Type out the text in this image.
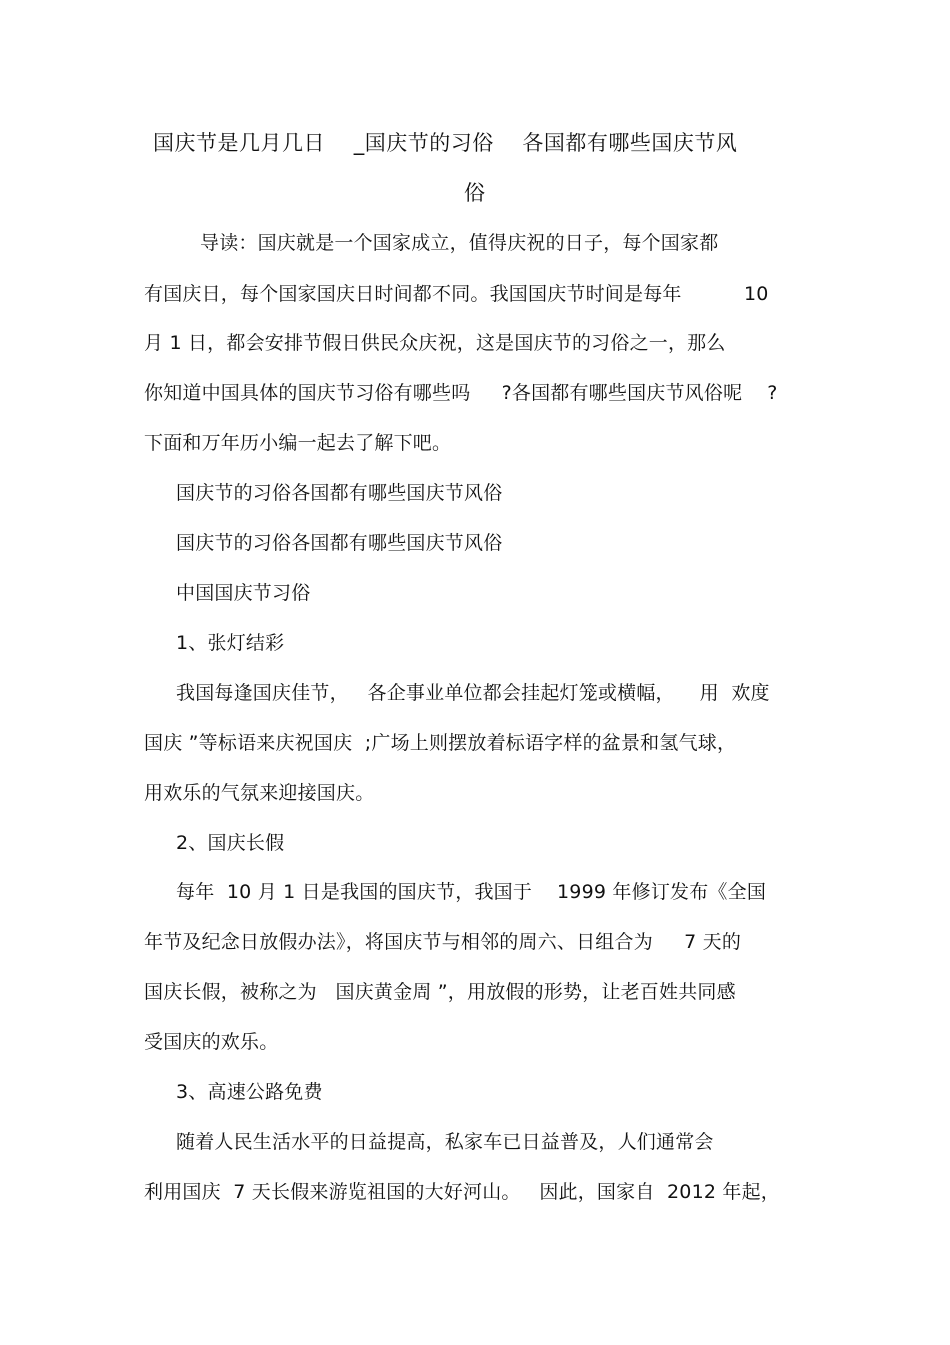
国庆节是几月几日    _国庆节的习俗    各国都有哪些国庆节风
俗
导读：国庆就是一个国家成立，值得庆祝的日子，每个国家都
有国庆日，每个国家国庆日时间都不同。我国国庆节时间是每年          10
月 1 日，都会安排节假日供民众庆祝，这是国庆节的习俗之一，那么
你知道中国具体的国庆节习俗有哪些吗     ?各国都有哪些国庆节风俗呢    ?
下面和万年历小编一起去了解下吧。
国庆节的习俗各国都有哪些国庆节风俗
国庆节的习俗各国都有哪些国庆节风俗
中国国庆节习俗
1、张灯结彩
我国每逢国庆佳节，   各企事业单位都会挂起灯笼或横幅，    用  欢度
国庆 ”等标语来庆祝国庆  ;广场上则摆放着标语字样的盆景和氢气球，
用欢乐的气氛来迎接国庆。
2、国庆长假
每年  10 月 1 日是我国的国庆节，我国于    1999 年修订发布《全国
年节及纪念日放假办法》，将国庆节与相邻的周六、日组合为     7 天的
国庆长假，被称之为   国庆黄金周 ”，用放假的形势，让老百姓共同感
受国庆的欢乐。
3、高速公路免费
随着人民生活水平的日益提高，私家车已日益普及，人们通常会
利用国庆  7 天长假来游览祖国的大好河山。   因此，国家自  2012 年起，
